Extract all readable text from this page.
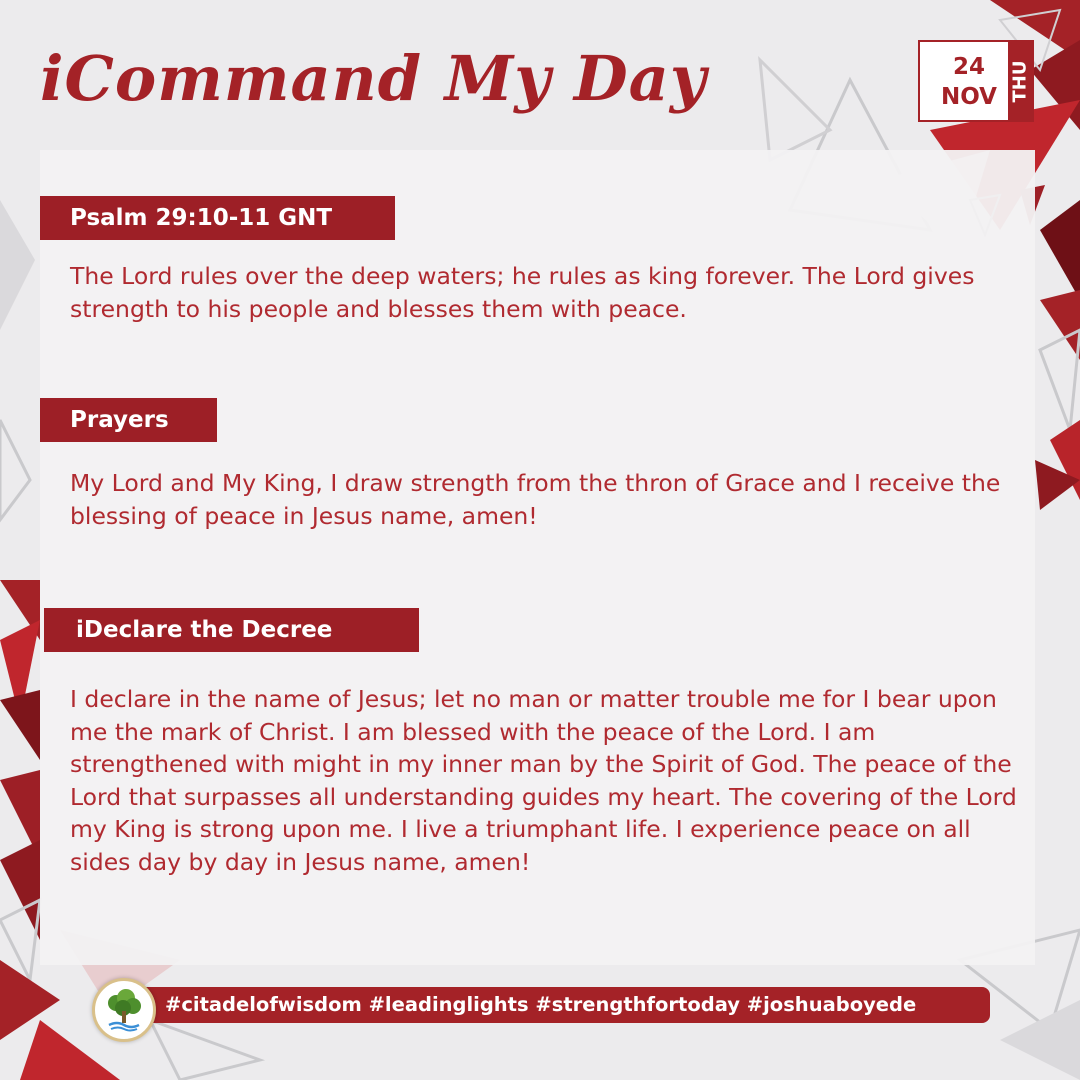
iCommand My Day	24
NOV THU
Psalm 29:10-11 GNT
The Lord rules over the deep waters; he rules as king forever. The Lord gives strength to his people and blesses them with peace.
Prayers
My Lord and My King, I draw strength from the thron of Grace and I receive the blessing of peace in Jesus name, amen!
iDeclare the Decree
I declare in the name of Jesus; let no man or matter trouble me for I bear upon me the mark of Christ. I am blessed with the peace of the Lord. I am strengthened with might in my inner man by the Spirit of God. The peace of the Lord that surpasses all understanding guides my heart. The covering of the Lord my King is strong upon me. I live a triumphant life. I experience peace on all sides day by day in Jesus name, amen!
#citadelofwisdom #leadinglights #strengthfortoday #joshuaboyede
